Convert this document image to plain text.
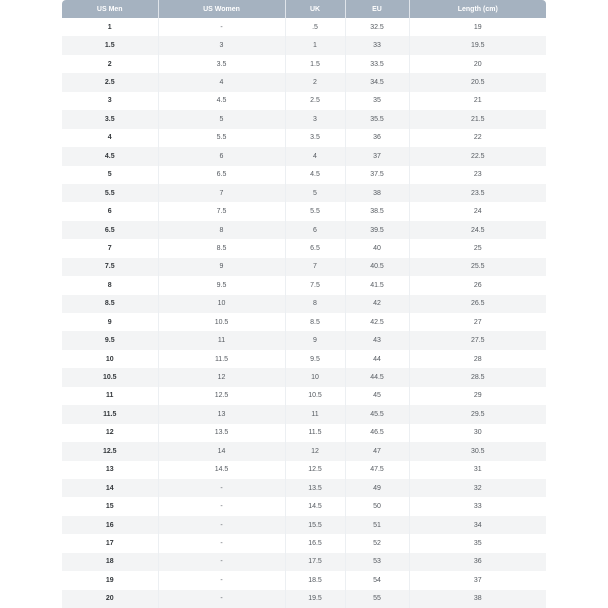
US Men	US Women	UK	EU	Length (cm)
1	-	.5	32.5	19
1.5	3	1	33	19.5
2	3.5	1.5	33.5	20
2.5	4	2	34.5	20.5
3	4.5	2.5	35	21
3.5	5	3	35.5	21.5
4	5.5	3.5	36	22
4.5	6	4	37	22.5
5	6.5	4.5	37.5	23
5.5	7	5	38	23.5
6	7.5	5.5	38.5	24
6.5	8	6	39.5	24.5
7	8.5	6.5	40	25
7.5	9	7	40.5	25.5
8	9.5	7.5	41.5	26
8.5	10	8	42	26.5
9	10.5	8.5	42.5	27
9.5	11	9	43	27.5
10	11.5	9.5	44	28
10.5	12	10	44.5	28.5
11	12.5	10.5	45	29
11.5	13	11	45.5	29.5
12	13.5	11.5	46.5	30
12.5	14	12	47	30.5
13	14.5	12.5	47.5	31
14	-	13.5	49	32
15	-	14.5	50	33
16	-	15.5	51	34
17	-	16.5	52	35
18	-	17.5	53	36
19	-	18.5	54	37
20	-	19.5	55	38
